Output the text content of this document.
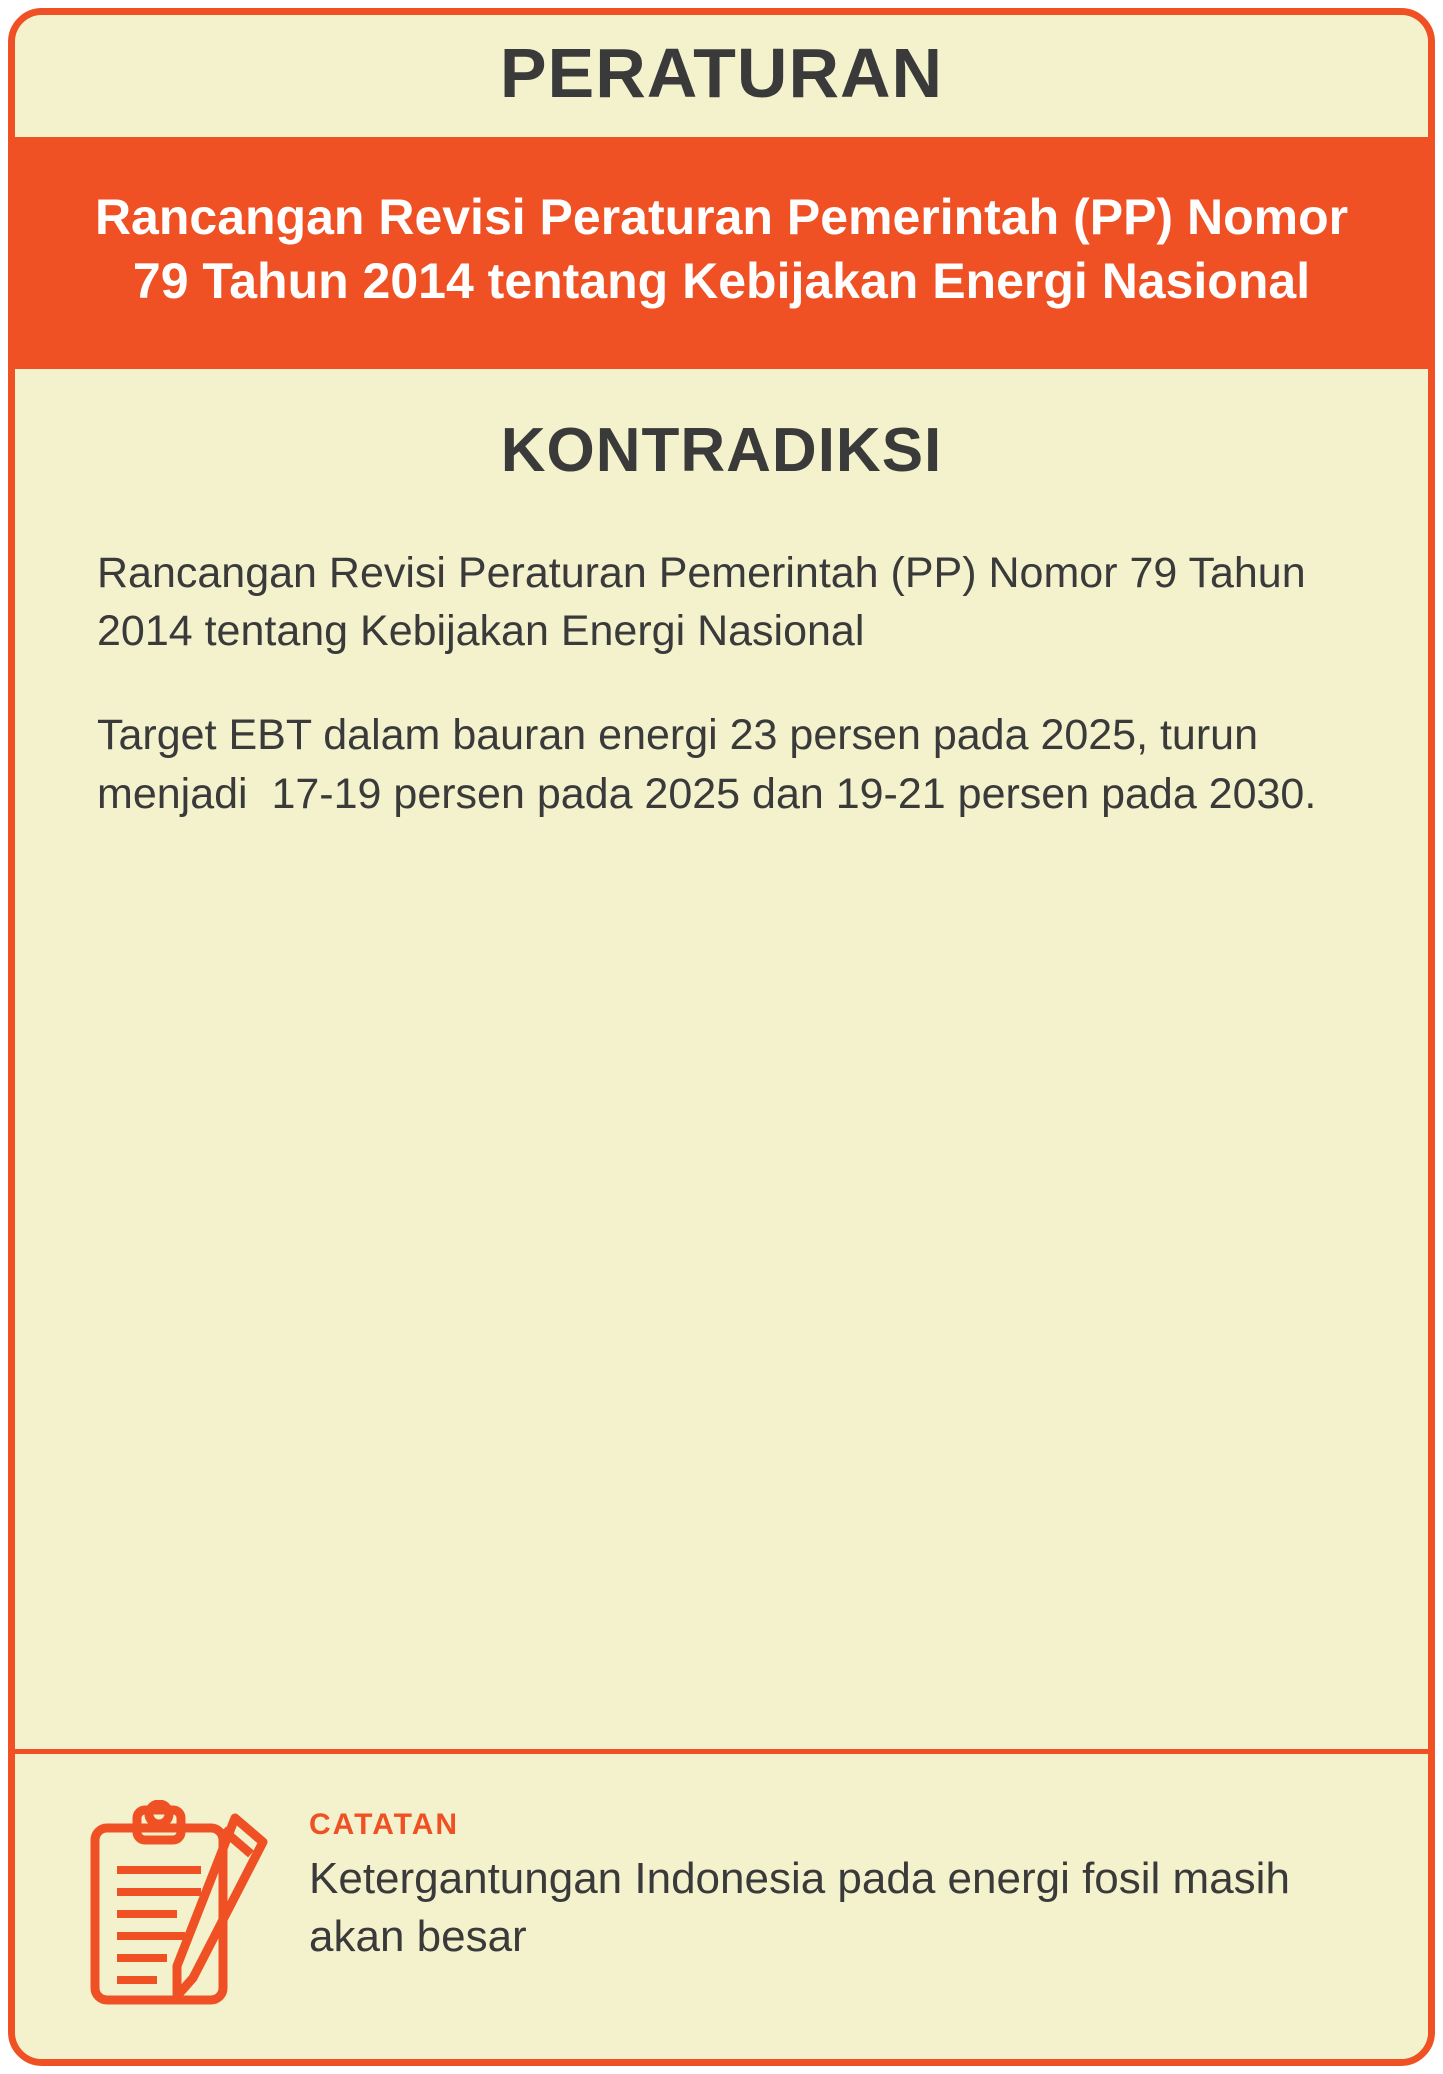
PERATURAN
Rancangan Revisi Peraturan Pemerintah (PP) Nomor 79 Tahun 2014 tentang Kebijakan Energi Nasional
KONTRADIKSI

Rancangan Revisi Peraturan Pemerintah (PP) Nomor 79 Tahun 2014 tentang Kebijakan Energi Nasional

Target EBT dalam bauran energi 23 persen pada 2025, turun menjadi  17-19 persen pada 2025 dan 19-21 persen pada 2030.

CATATAN
Ketergantungan Indonesia pada energi fosil masih akan besar
